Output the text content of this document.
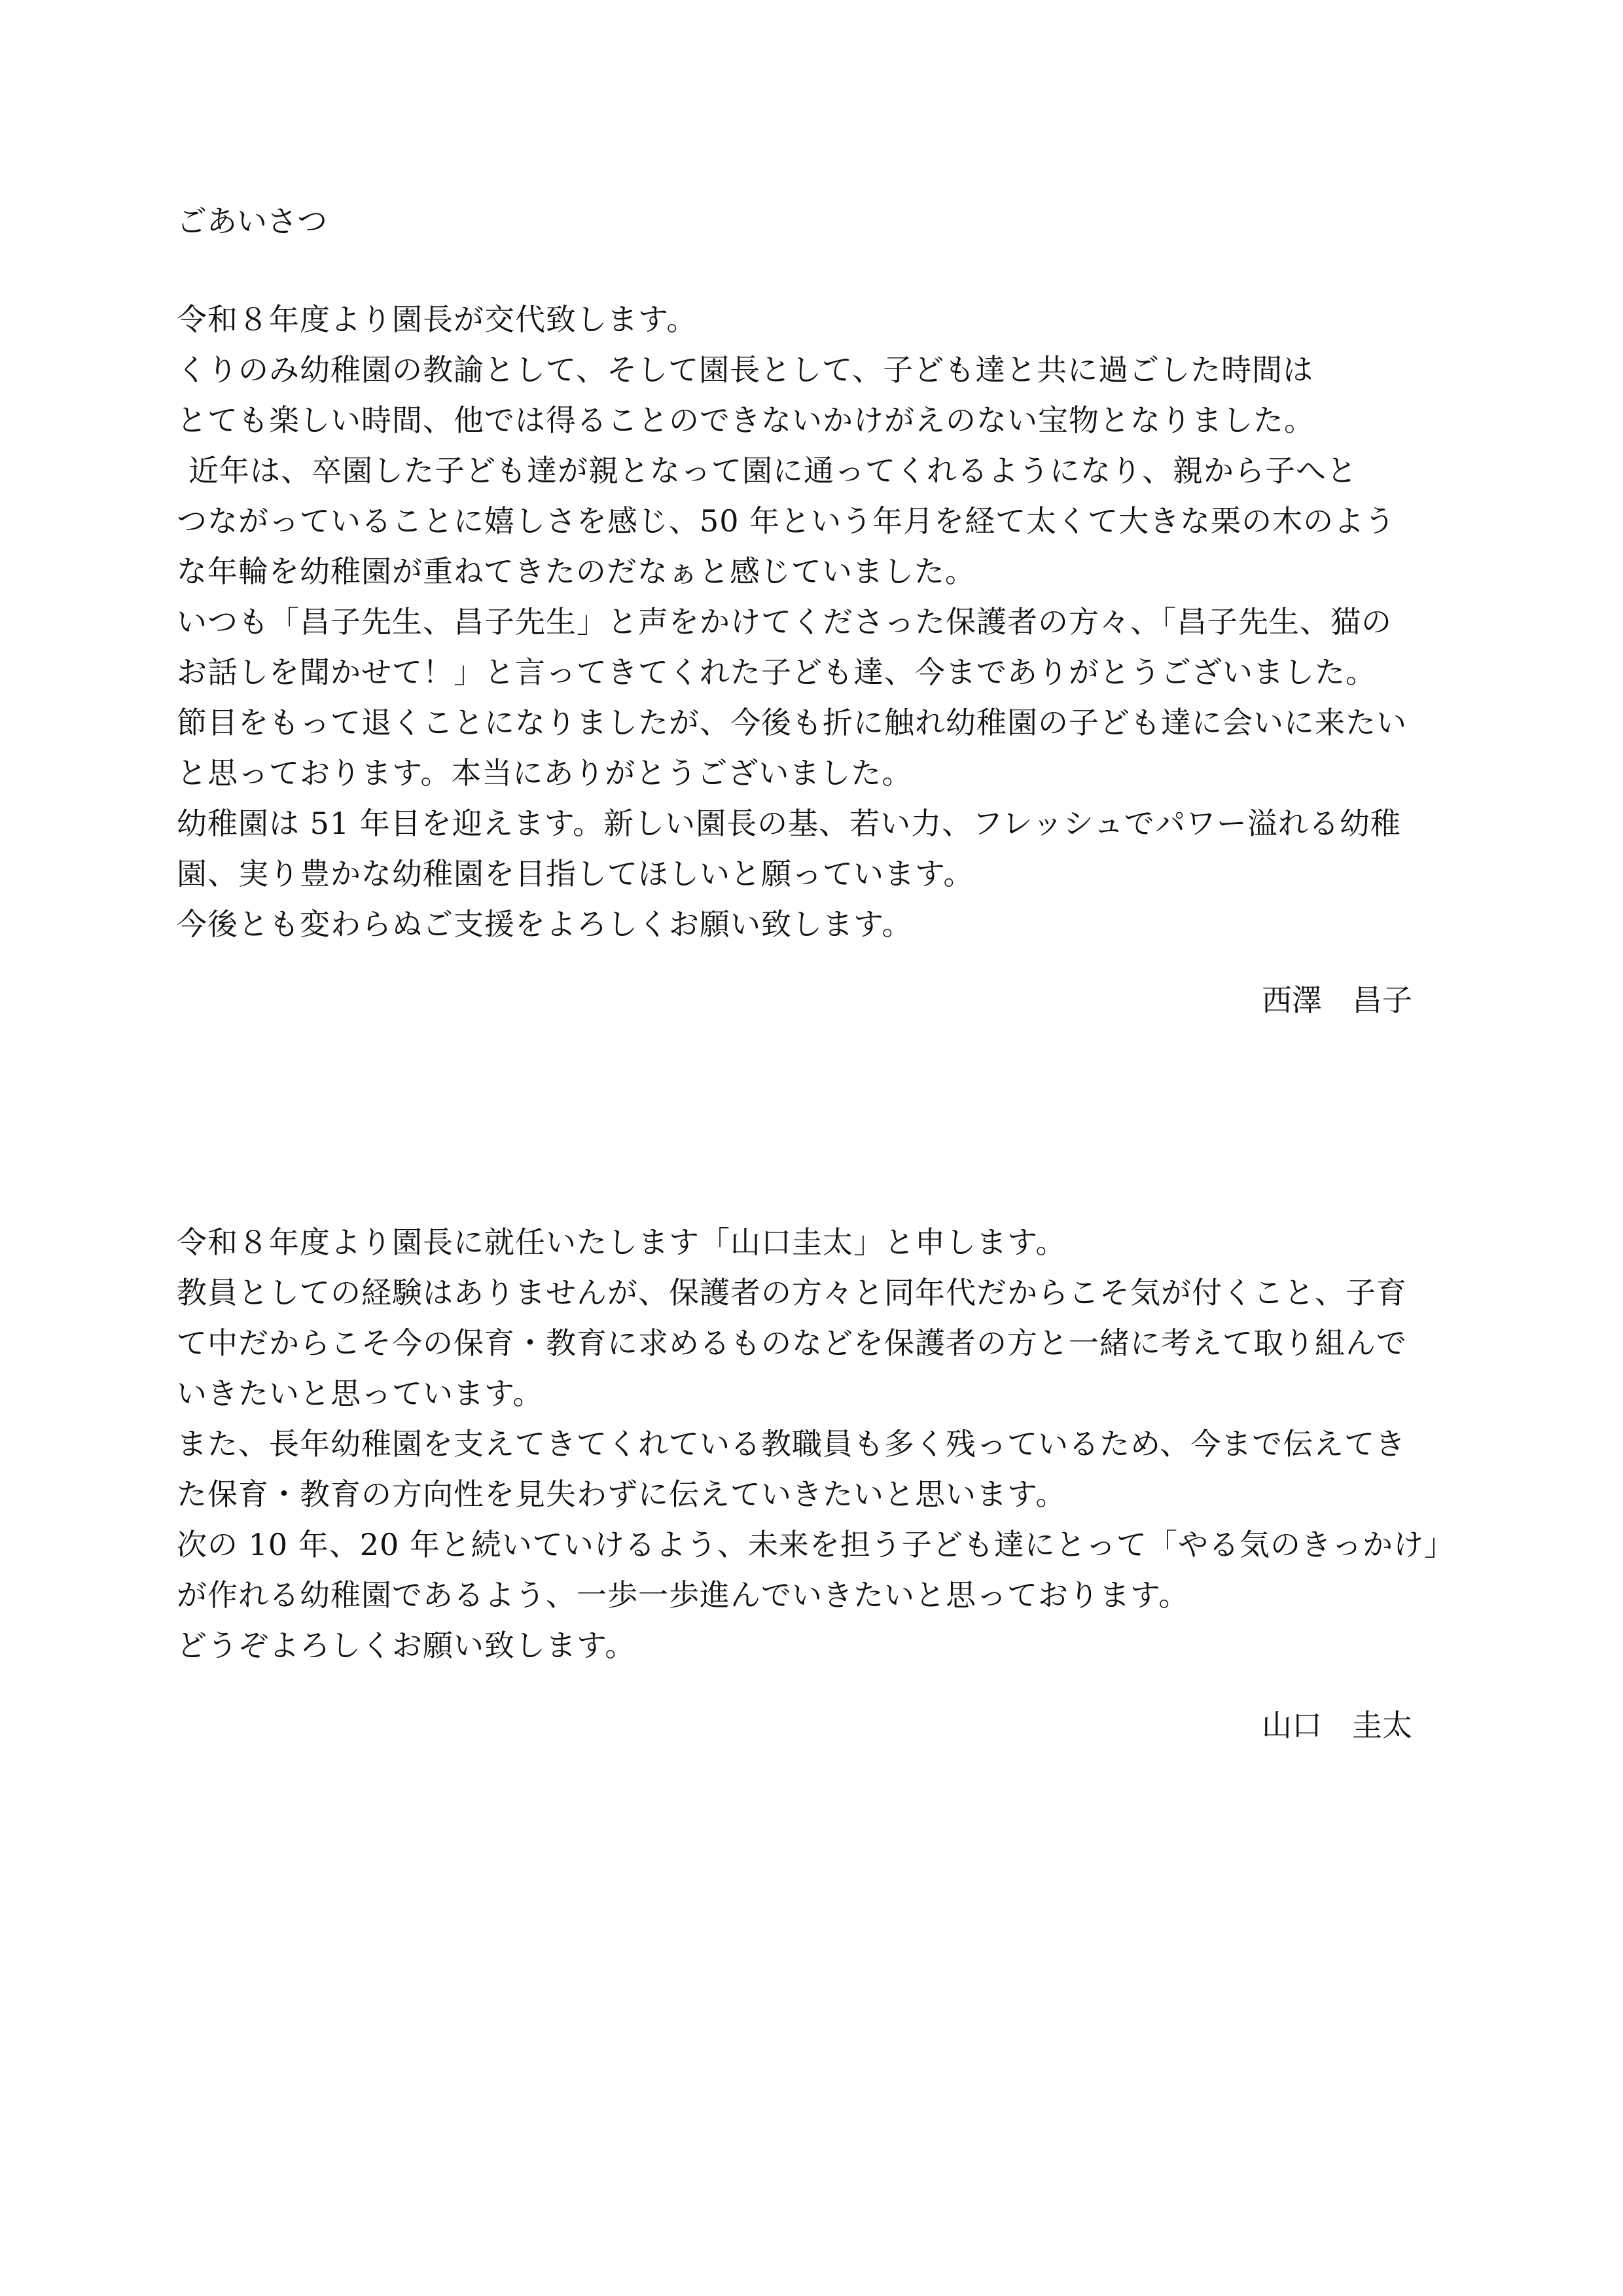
ごあいさつ
令和８年度より園長が交代致します。
くりのみ幼稚園の教諭として、そして園長として、子ども達と共に過ごした時間は
とても楽しい時間、他では得ることのできないかけがえのない宝物となりました。
近年は、卒園した子ども達が親となって園に通ってくれるようになり、親から子へと
つながっていることに嬉しさを感じ、50 年という年月を経て太くて大きな栗の木のよう
な年輪を幼稚園が重ねてきたのだなぁと感じていました。
いつも「昌子先生、昌子先生」と声をかけてくださった保護者の方々、「昌子先生、猫の
お話しを聞かせて！」と言ってきてくれた子ども達、今までありがとうございました。
節目をもって退くことになりましたが、今後も折に触れ幼稚園の子ども達に会いに来たい
と思っております。本当にありがとうございました。
幼稚園は 51 年目を迎えます。新しい園長の基、若い力、フレッシュでパワー溢れる幼稚
園、実り豊かな幼稚園を目指してほしいと願っています。
今後とも変わらぬご支援をよろしくお願い致します。
西澤　昌子
令和８年度より園長に就任いたします「山口圭太」と申します。
教員としての経験はありませんが、保護者の方々と同年代だからこそ気が付くこと、子育
て中だからこそ今の保育・教育に求めるものなどを保護者の方と一緒に考えて取り組んで
いきたいと思っています。
また、長年幼稚園を支えてきてくれている教職員も多く残っているため、今まで伝えてき
た保育・教育の方向性を見失わずに伝えていきたいと思います。
次の 10 年、20 年と続いていけるよう、未来を担う子ども達にとって「やる気のきっかけ」
が作れる幼稚園であるよう、一歩一歩進んでいきたいと思っております。
どうぞよろしくお願い致します。
山口　圭太
